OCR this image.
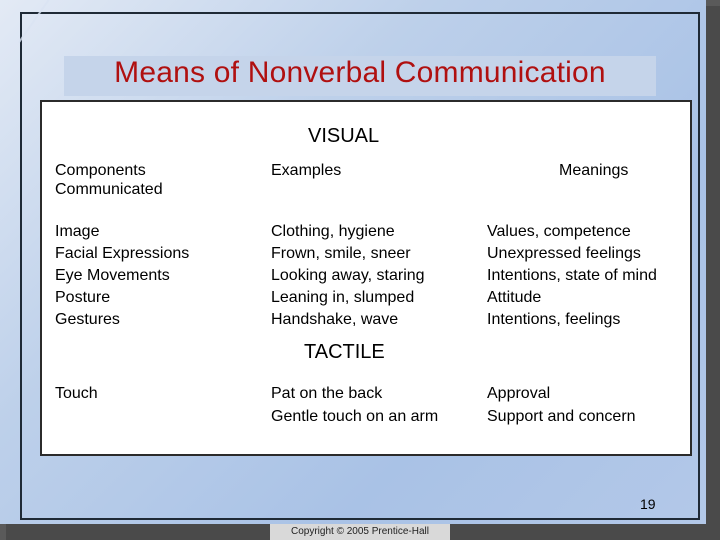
Means of Nonverbal Communication
VISUAL
Components
Communicated
Examples	Meanings
Image
Facial Expressions
Eye Movements
Posture
Gestures
Clothing, hygiene
Frown, smile, sneer
Looking away, staring
Leaning in, slumped
Handshake, wave
Values, competence
Unexpressed feelings
Intentions, state of mind
Attitude
Intentions, feelings
TACTILE
Touch	Pat on the back
Gentle touch on an arm
Approval
Support and concern
19
Copyright © 2005 Prentice-Hall
